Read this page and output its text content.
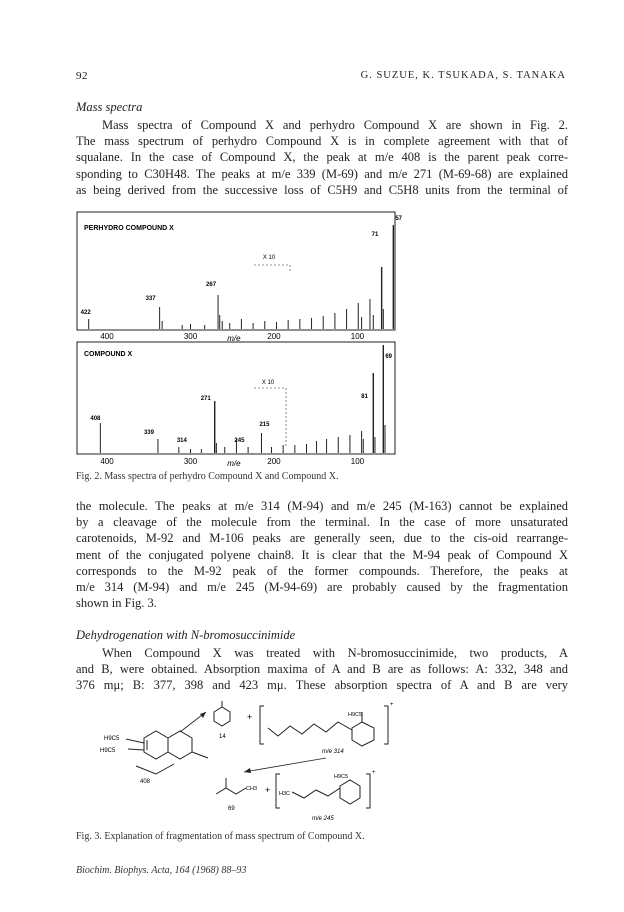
92	G. SUZUE, K. TSUKADA, S. TANAKA
Mass spectra
Mass spectra of Compound X and perhydro Compound X are shown in Fig. 2.
The mass spectrum of perhydro Compound X is in complete agreement with that of
squalane. In the case of Compound X, the peak at m/e 408 is the parent peak corre-
sponding to C30H48. The peaks at m/e 339 (M-69) and m/e 271 (M-69-68) are explained
as being derived from the successive loss of C5H9 and C5H8 units from the terminal of
PERHYDRO COMPOUND X
X 10
57
71
267
337
422
400	300	200	100
m/e
COMPOUND X
X 10
69
81
271
215
245
408
339
314
400	300	200	100
m/e
Fig. 2. Mass spectra of perhydro Compound X and Compound X.
the molecule. The peaks at m/e 314 (M-94) and m/e 245 (M-163) cannot be explained
by a cleavage of the molecule from the terminal. In the case of more unsaturated
carotenoids, M-92 and M-106 peaks are generally seen, due to the cis-oid rearrange-
ment of the conjugated polyene chain8. It is clear that the M-94 peak of Compound X
corresponds to the M-92 peak of the former compounds. Therefore, the peaks at
m/e 314 (M-94) and m/e 245 (M-94-69) are probably caused by the fragmentation
shown in Fig. 3.
Dehydrogenation with N-bromosuccinimide
When Compound X was treated with N-bromosuccinimide, two products, A
and B, were obtained. Absorption maxima of A and B are as follows: A: 332, 348 and
376 mμ; B: 377, 398 and 423 mμ. These absorption spectra of A and B are very
H9C5
H9C5
408
14
+	H9C5
+
m/e 314
CH3
69
+ H3C
H9C5
+
m/e 245
Fig. 3. Explanation of fragmentation of mass spectrum of Compound X.
Biochim. Biophys. Acta, 164 (1968) 88–93
